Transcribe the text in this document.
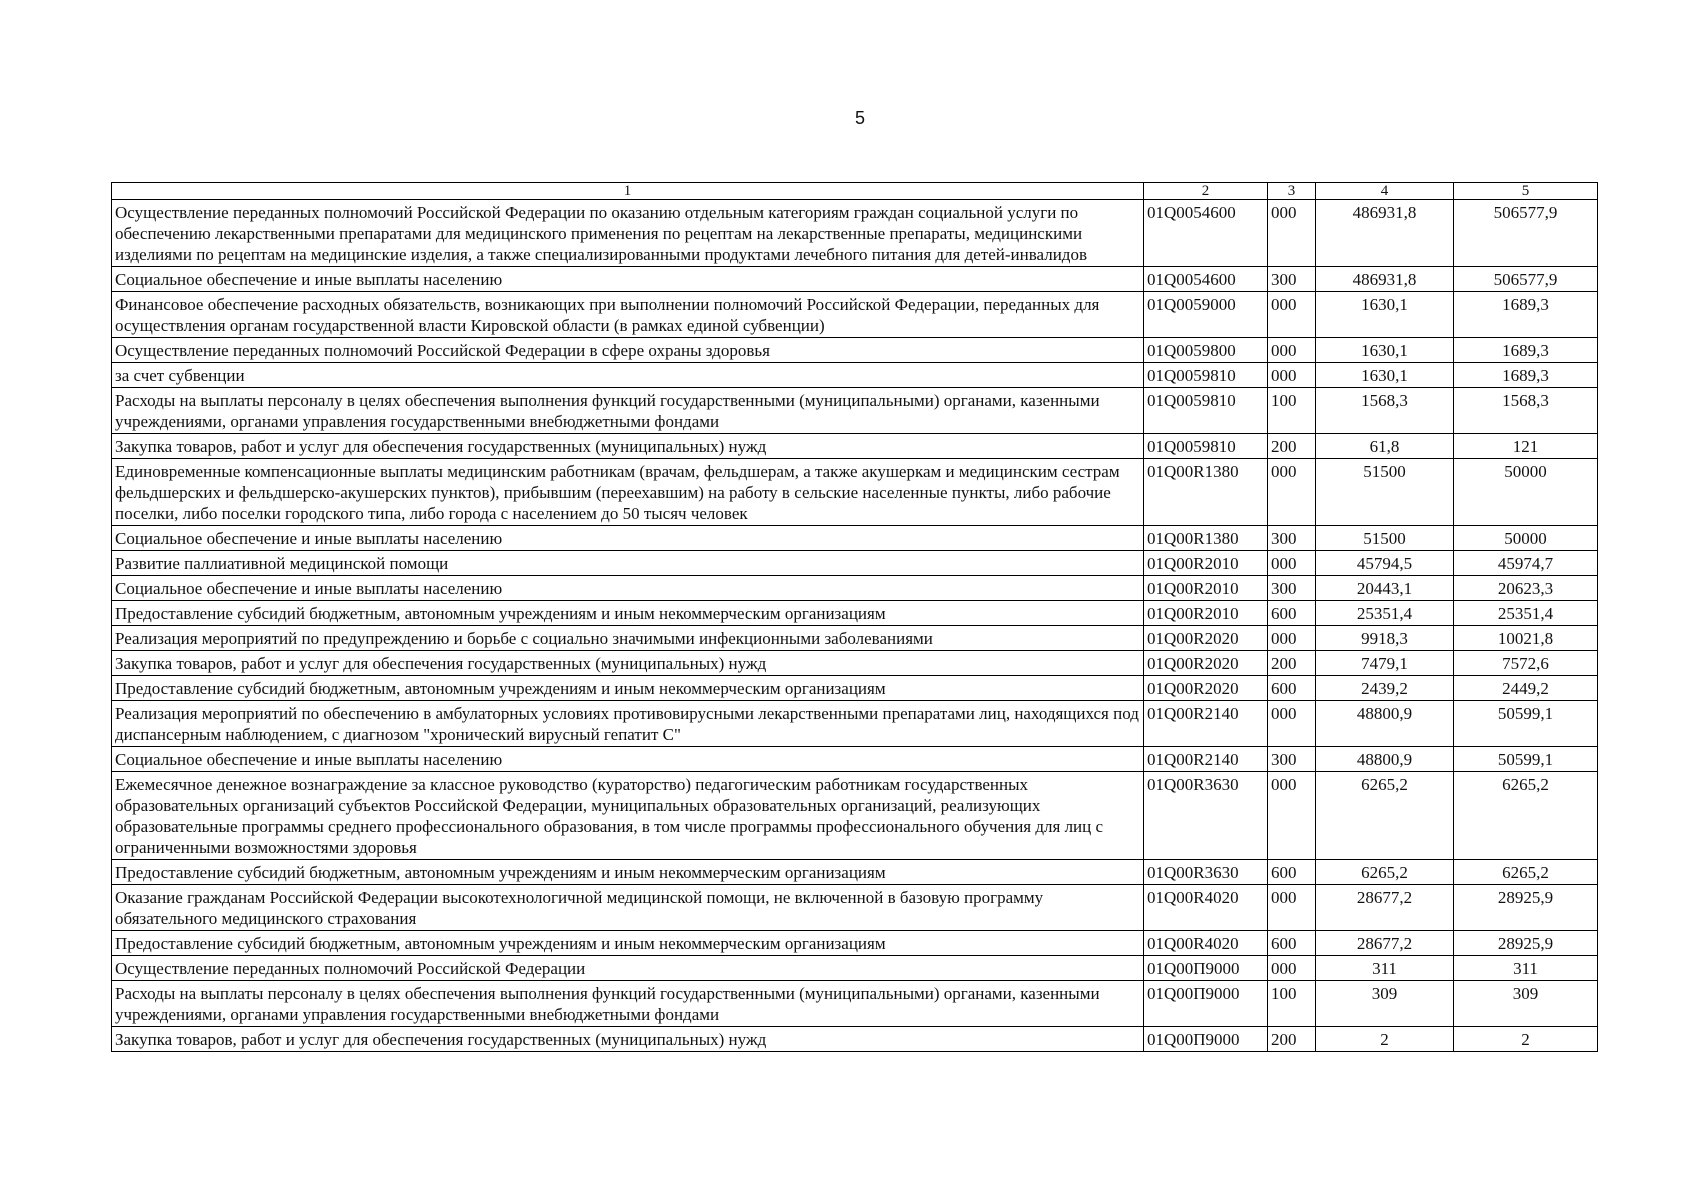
5
1	2	3	4	5
Осуществление переданных полномочий Российской Федерации по оказанию отдельным категориям граждан социальной услуги по обеспечению лекарственными препаратами для медицинского применения по рецептам на лекарственные препараты, медицинскими изделиями по рецептам на медицинские изделия, а также специализированными продуктами лечебного питания для детей-инвалидов	01Q0054600	000	486931,8	506577,9
Социальное обеспечение и иные выплаты населению	01Q0054600	300	486931,8	506577,9
Финансовое обеспечение расходных обязательств, возникающих при выполнении полномочий Российской Федерации, переданных для осуществления органам государственной власти Кировской области (в рамках единой субвенции)	01Q0059000	000	1630,1	1689,3
Осуществление переданных полномочий Российской Федерации в сфере охраны здоровья	01Q0059800	000	1630,1	1689,3
за счет субвенции	01Q0059810	000	1630,1	1689,3
Расходы на выплаты персоналу в целях обеспечения выполнения функций государственными (муниципальными) органами, казенными учреждениями, органами управления государственными внебюджетными фондами	01Q0059810	100	1568,3	1568,3
Закупка товаров, работ и услуг для обеспечения государственных (муниципальных) нужд	01Q0059810	200	61,8	121
Единовременные компенсационные выплаты медицинским работникам (врачам, фельдшерам, а также акушеркам и медицинским сестрам фельдшерских и фельдшерско-акушерских пунктов), прибывшим (переехавшим) на работу в сельские населенные пункты, либо рабочие поселки, либо поселки городского типа, либо города с населением до 50 тысяч человек	01Q00R1380	000	51500	50000
Социальное обеспечение и иные выплаты населению	01Q00R1380	300	51500	50000
Развитие паллиативной медицинской помощи	01Q00R2010	000	45794,5	45974,7
Социальное обеспечение и иные выплаты населению	01Q00R2010	300	20443,1	20623,3
Предоставление субсидий бюджетным, автономным учреждениям и иным некоммерческим организациям	01Q00R2010	600	25351,4	25351,4
Реализация мероприятий по предупреждению и борьбе с социально значимыми инфекционными заболеваниями	01Q00R2020	000	9918,3	10021,8
Закупка товаров, работ и услуг для обеспечения государственных (муниципальных) нужд	01Q00R2020	200	7479,1	7572,6
Предоставление субсидий бюджетным, автономным учреждениям и иным некоммерческим организациям	01Q00R2020	600	2439,2	2449,2
Реализация мероприятий по обеспечению в амбулаторных условиях противовирусными лекарственными препаратами лиц, находящихся под диспансерным наблюдением, с диагнозом "хронический вирусный гепатит С"	01Q00R2140	000	48800,9	50599,1
Социальное обеспечение и иные выплаты населению	01Q00R2140	300	48800,9	50599,1
Ежемесячное денежное вознаграждение за классное руководство (кураторство) педагогическим работникам государственных образовательных организаций субъектов Российской Федерации, муниципальных образовательных организаций, реализующих образовательные программы среднего профессионального образования, в том числе программы профессионального обучения для лиц с ограниченными возможностями здоровья	01Q00R3630	000	6265,2	6265,2
Предоставление субсидий бюджетным, автономным учреждениям и иным некоммерческим организациям	01Q00R3630	600	6265,2	6265,2
Оказание гражданам Российской Федерации высокотехнологичной медицинской помощи, не включенной в базовую программу обязательного медицинского страхования	01Q00R4020	000	28677,2	28925,9
Предоставление субсидий бюджетным, автономным учреждениям и иным некоммерческим организациям	01Q00R4020	600	28677,2	28925,9
Осуществление переданных полномочий Российской Федерации	01Q00П9000	000	311	311
Расходы на выплаты персоналу в целях обеспечения выполнения функций государственными (муниципальными) органами, казенными учреждениями, органами управления государственными внебюджетными фондами	01Q00П9000	100	309	309
Закупка товаров, работ и услуг для обеспечения государственных (муниципальных) нужд	01Q00П9000	200	2	2
